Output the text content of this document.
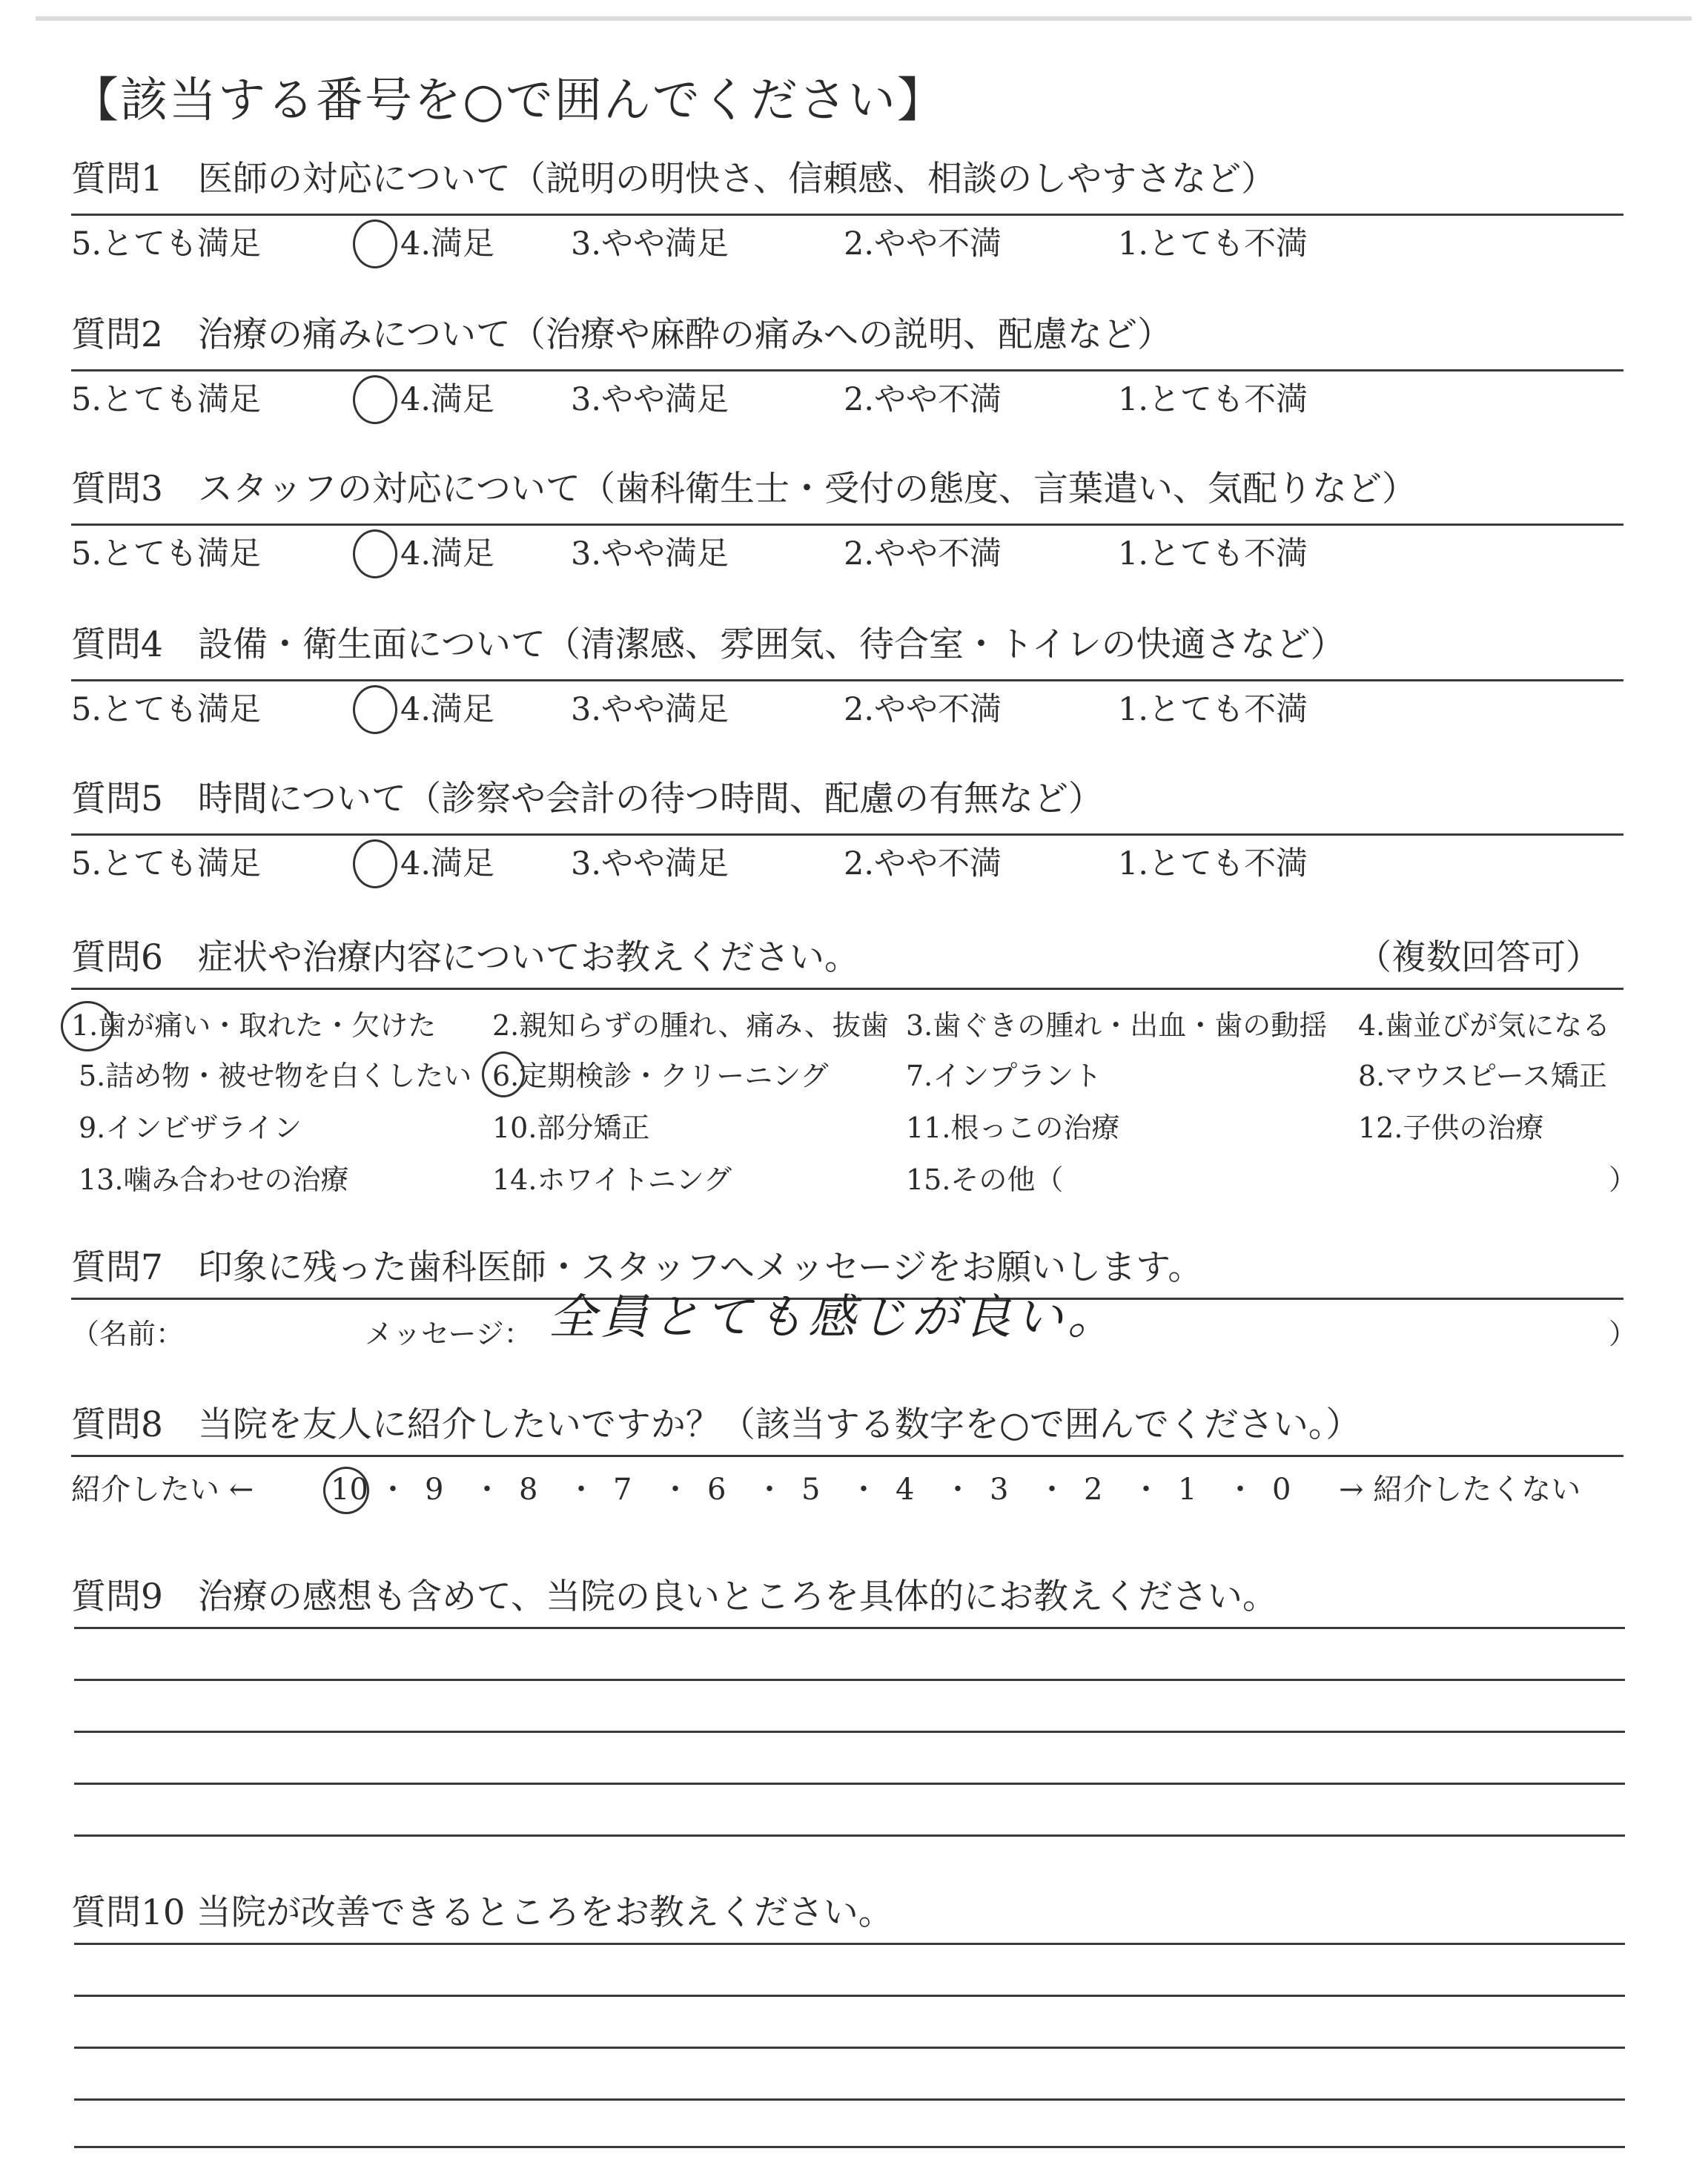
【該当する番号を○で囲んでください】
質問1　医師の対応について（説明の明快さ、信頼感、相談のしやすさなど）
5.とても満足	4.満足 3.やや満足	2.やや不満	1.とても不満
質問2　治療の痛みについて（治療や麻酔の痛みへの説明、配慮など）
5.とても満足	4.満足 3.やや満足	2.やや不満	1.とても不満
質問3　スタッフの対応について（歯科衛生士・受付の態度、言葉遣い、気配りなど）
5.とても満足	4.満足 3.やや満足	2.やや不満	1.とても不満
質問4　設備・衛生面について（清潔感、雰囲気、待合室・トイレの快適さなど）
5.とても満足	4.満足 3.やや満足	2.やや不満	1.とても不満
質問5　時間について（診察や会計の待つ時間、配慮の有無など）
5.とても満足	4.満足 3.やや満足	2.やや不満	1.とても不満
質問6　症状や治療内容についてお教えください。	（複数回答可）
1.歯が痛い・取れた・欠けた 2.親知らずの腫れ、痛み、抜歯 3.歯ぐきの腫れ・出血・歯の動揺 4.歯並びが気になる
5.詰め物・被せ物を白くしたい 6.定期検診・クリーニング	7.インプラント	8.マウスピース矯正
9.インビザライン	10.部分矯正	11.根っこの治療	12.子供の治療
13.噛み合わせの治療	14.ホワイトニング	15.その他（	）
質問7　印象に残った歯科医師・スタッフへメッセージをお願いします。
（名前：	メッセージ： 全員とても感じが良い。	）
質問8　当院を友人に紹介したいですか？（該当する数字を○で囲んでください。）
紹介したい ←	10 ・ 9 ・ 8 ・ 7 ・ 6 ・ 5 ・ 4 ・ 3 ・ 2 ・ 1 ・ 0 → 紹介したくない
質問9　治療の感想も含めて、当院の良いところを具体的にお教えください。
質問10 当院が改善できるところをお教えください。
